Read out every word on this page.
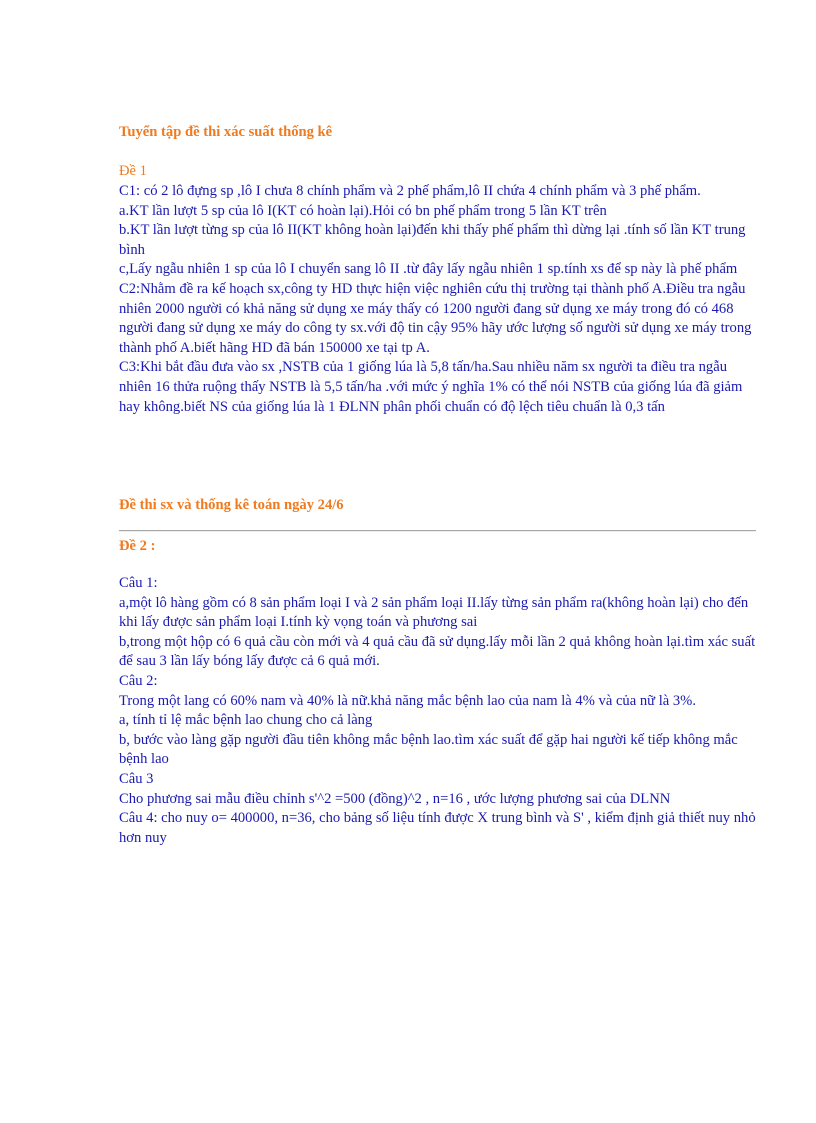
Tuyển tập đề thi xác suất thống kê
Đề 1

C1: có 2 lô đựng sp ,lô I chưa 8 chính phẩm và 2 phế phẩm,lô II chứa 4 chính phẩm và 3 phế phẩm.

a.KT lần lượt 5 sp của lô I(KT có hoàn lại).Hỏi có bn phế phẩm trong 5 lần KT trên

b.KT lần lượt từng sp của lô II(KT không hoàn lại)đến khi thấy phế phẩm thì dừng lại .tính số lần KT trung bình

c,Lấy ngẫu nhiên 1 sp của lô I chuyển sang lô II .từ đây lấy ngẫu nhiên 1 sp.tính xs để sp này là phế phẩm

C2:Nhằm đề ra kế hoạch sx,công ty HD thực hiện việc nghiên cứu thị trường tại thành phố A.Điều tra ngẫu nhiên 2000 người có khả năng sử dụng xe máy thấy có 1200 người đang sử dụng xe máy trong đó có 468 người đang sử dụng xe máy do công ty sx.với độ tin cậy 95% hãy ước lượng số người sử dụng xe máy trong thành phố A.biết hãng HD đã bán 150000 xe tại tp A.

C3:Khi bắt đầu đưa vào sx ,NSTB của 1 giống lúa là 5,8 tấn/ha.Sau nhiều năm sx người ta điều tra ngẫu nhiên 16 thửa ruộng thấy NSTB là 5,5 tấn/ha .với mức ý nghĩa 1% có thể nói NSTB của giống lúa đã giảm hay không.biết NS của giống lúa là 1 ĐLNN phân phối chuẩn có độ lệch tiêu chuẩn là 0,3 tấn

Đề thi sx và thống kê toán ngày 24/6
Đề 2 :

Câu 1:

a,một lô hàng gồm có 8 sản phẩm loại I và 2 sản phẩm loại II.lấy từng sản phẩm ra(không hoàn lại) cho đến khi lấy được sản phẩm loại I.tính kỳ vọng toán và phương sai

b,trong một hộp có 6 quả cầu còn mới và 4 quả cầu đã sử dụng.lấy mỗi lần 2 quả không hoàn lại.tìm xác suất để sau 3 lần lấy bóng lấy được cả 6 quả mới.

Câu 2:

Trong một lang có 60% nam và 40% là nữ.khả năng mắc bệnh lao của nam là 4% và của nữ là 3%.

a, tính tỉ lệ mắc bệnh lao chung cho cả làng

b, bước vào làng gặp người đầu tiên không mắc bệnh lao.tìm xác suất để gặp hai người kế tiếp không mắc bệnh lao

Câu 3

Cho phương sai mẫu điều chỉnh s'^2 =500 (đồng)^2 , n=16 , ước lượng phương sai của DLNN

Câu 4: cho nuy o= 400000, n=36, cho bảng số liệu tính được X trung bình và S' , kiểm định giả thiết nuy nhỏ hơn nuy
